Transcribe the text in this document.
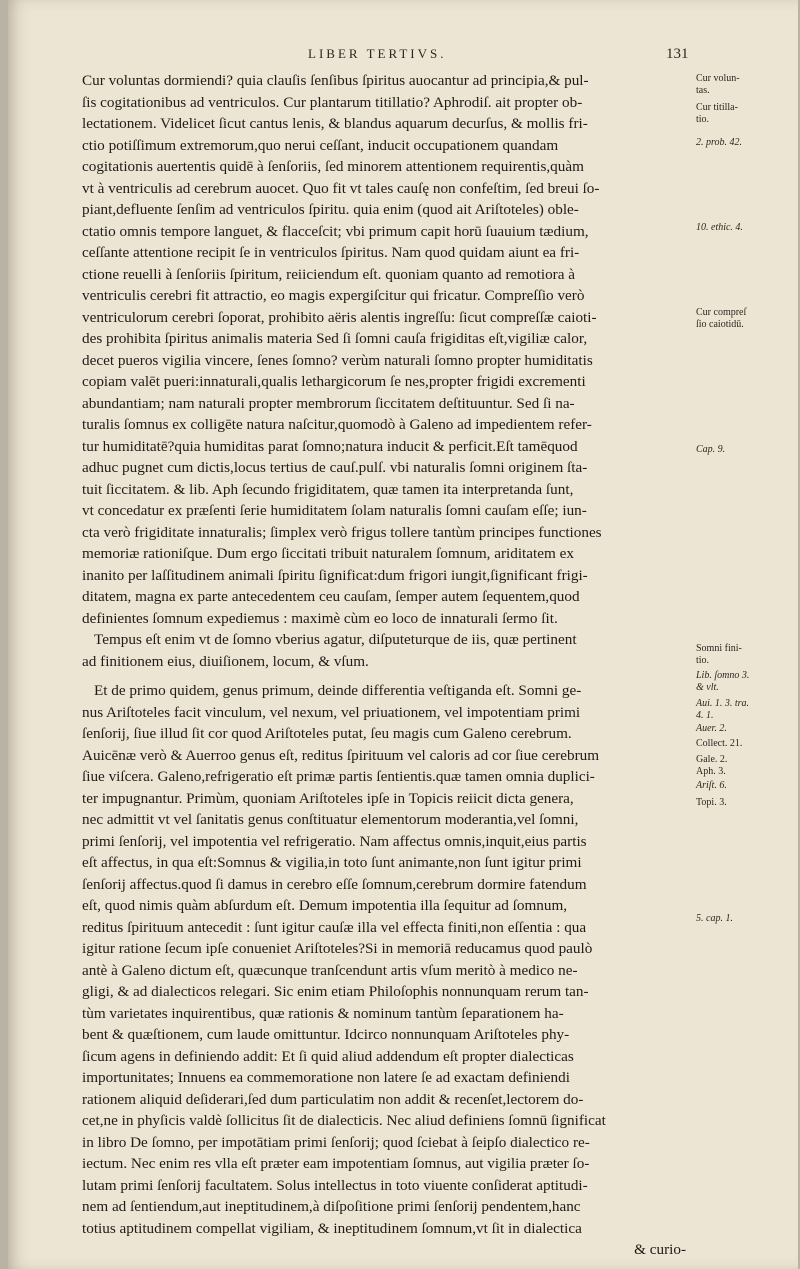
LIBER TERTIVS.	131
Cur voluntas dormiendi? quia clauſis ſenſibus ſpiritus auocantur ad principia,& pul-
ſis cogitationibus ad ventriculos. Cur plantarum titillatio? Aphrodiſ. ait propter ob-
lectationem. Videlicet ſicut cantus lenis, & blandus aquarum decurſus, & mollis fri-
ctio potiſſimum extremorum,quo nerui ceſſant, inducit occupationem quandam
cogitationis auertentis quidē à ſenſoriis, ſed minorem attentionem requirentis,quàm
vt à ventriculis ad cerebrum auocet. Quo fit vt tales cauſę non confeſtim, ſed breui ſo-
piant,defluente ſenſim ad ventriculos ſpiritu. quia enim (quod ait Ariſtoteles) oble-
ctatio omnis tempore languet, & flacceſcit; vbi primum capit horū ſuauium tædium,
ceſſante attentione recipit ſe in ventriculos ſpiritus. Nam quod quidam aiunt ea fri-
ctione reuelli à ſenſoriis ſpiritum, reiiciendum eſt. quoniam quanto ad remotiora à
ventriculis cerebri fit attractio, eo magis expergiſcitur qui fricatur. Compreſſio verò
ventriculorum cerebri ſoporat, prohibito aëris alentis ingreſſu: ſicut compreſſæ caioti-
des prohibita ſpiritus animalis materia Sed ſi ſomni cauſa frigiditas eſt,vigiliæ calor,
decet pueros vigilia vincere, ſenes ſomno? verùm naturali ſomno propter humiditatis
copiam valēt pueri:innaturali,qualis lethargicorum ſe nes,propter frigidi excrementi
abundantiam; nam naturali propter membrorum ſiccitatem deſtituuntur. Sed ſi na-
turalis ſomnus ex colligēte natura naſcitur,quomodò à Galeno ad impedientem refer-
tur humiditatē?quia humiditas parat ſomno;natura inducit & perficit.Eſt tamēquod
adhuc pugnet cum dictis,locus tertius de cauſ.pulſ. vbi naturalis ſomni originem ſta-
tuit ſiccitatem. & lib. Aph ſecundo frigiditatem, quæ tamen ita interpretanda ſunt,
vt concedatur ex præſenti ſerie humiditatem ſolam naturalis ſomni cauſam eſſe; iun-
cta verò frigiditate innaturalis; ſimplex verò frigus tollere tantùm principes functiones
memoriæ rationiſque. Dum ergo ſiccitati tribuit naturalem ſomnum, ariditatem ex
inanito per laſſitudinem animali ſpiritu ſignificat:dum frigori iungit,ſignificant frigi-
ditatem, magna ex parte antecedentem ceu cauſam, ſemper autem ſequentem,quod
definientes ſomnum expediemus : maximè cùm eo loco de innaturali ſermo ſit.
Tempus eſt enim vt de ſomno vberius agatur, diſputeturque de iis, quæ pertinent
ad finitionem eius, diuiſionem, locum, & vſum.
Et de primo quidem, genus primum, deinde differentia veſtiganda eſt. Somni ge-
nus Ariſtoteles facit vinculum, vel nexum, vel priuationem, vel impotentiam primi
ſenſorij, ſiue illud ſit cor quod Ariſtoteles putat, ſeu magis cum Galeno cerebrum.
Auicēnæ verò & Auerroo genus eſt, reditus ſpirituum vel caloris ad cor ſiue cerebrum
ſiue viſcera. Galeno,refrigeratio eſt primæ partis ſentientis.quæ tamen omnia duplici-
ter impugnantur. Primùm, quoniam Ariſtoteles ipſe in Topicis reiicit dicta genera,
nec admittit vt vel ſanitatis genus conſtituatur elementorum moderantia,vel ſomni,
primi ſenſorij, vel impotentia vel refrigeratio. Nam affectus omnis,inquit,eius partis
eſt affectus, in qua eſt:Somnus & vigilia,in toto ſunt animante,non ſunt igitur primi
ſenſorij affectus.quod ſi damus in cerebro eſſe ſomnum,cerebrum dormire fatendum
eſt, quod nimis quàm abſurdum eſt. Demum impotentia illa ſequitur ad ſomnum,
reditus ſpirituum antecedit : ſunt igitur cauſæ illa vel effecta finiti,non eſſentia : qua
igitur ratione ſecum ipſe conueniet Ariſtoteles?Si in memoriā reducamus quod paulò
antè à Galeno dictum eſt, quæcunque tranſcendunt artis vſum meritò à medico ne-
gligi, & ad dialecticos relegari. Sic enim etiam Philoſophis nonnunquam rerum tan-
tùm varietates inquirentibus, quæ rationis & nominum tantùm ſeparationem ha-
bent & quæſtionem, cum laude omittuntur. Idcirco nonnunquam Ariſtoteles phy-
ſicum agens in definiendo addit: Et ſi quid aliud addendum eſt propter dialecticas
importunitates; Innuens ea commemoratione non latere ſe ad exactam definiendi
rationem aliquid deſiderari,ſed dum particulatim non addit & recenſet,lectorem do-
cet,ne in phyſicis valdè ſollicitus ſit de dialecticis. Nec aliud definiens ſomnū ſignificat
in libro De ſomno, per impotātiam primi ſenſorij; quod ſciebat à ſeipſo dialectico re-
iectum. Nec enim res vlla eſt præter eam impotentiam ſomnus, aut vigilia præter ſo-
lutam primi ſenſorij facultatem. Solus intellectus in toto viuente conſiderat aptitudi-
nem ad ſentiendum,aut ineptitudinem,à diſpoſitione primi ſenſorij pendentem,hanc
totius aptitudinem compellat vigiliam, & ineptitudinem ſomnum,vt ſit in dialectica
& curio-
Cur volun-
tas.
Cur titilla-
tio.
2. prob. 42.
10. ethic. 4.
Cur compreſ
ſio caiotidū.
Cap. 9.
Somni fini-
tio.
Lib. ſomno 3.
& vlt.
Aui. 1. 3. tra.
4. 1.
Auer. 2.
Collect. 21.
Gale. 2.
Aph. 3.
Ariſt. 6.
Topi. 3.
5. cap. 1.
